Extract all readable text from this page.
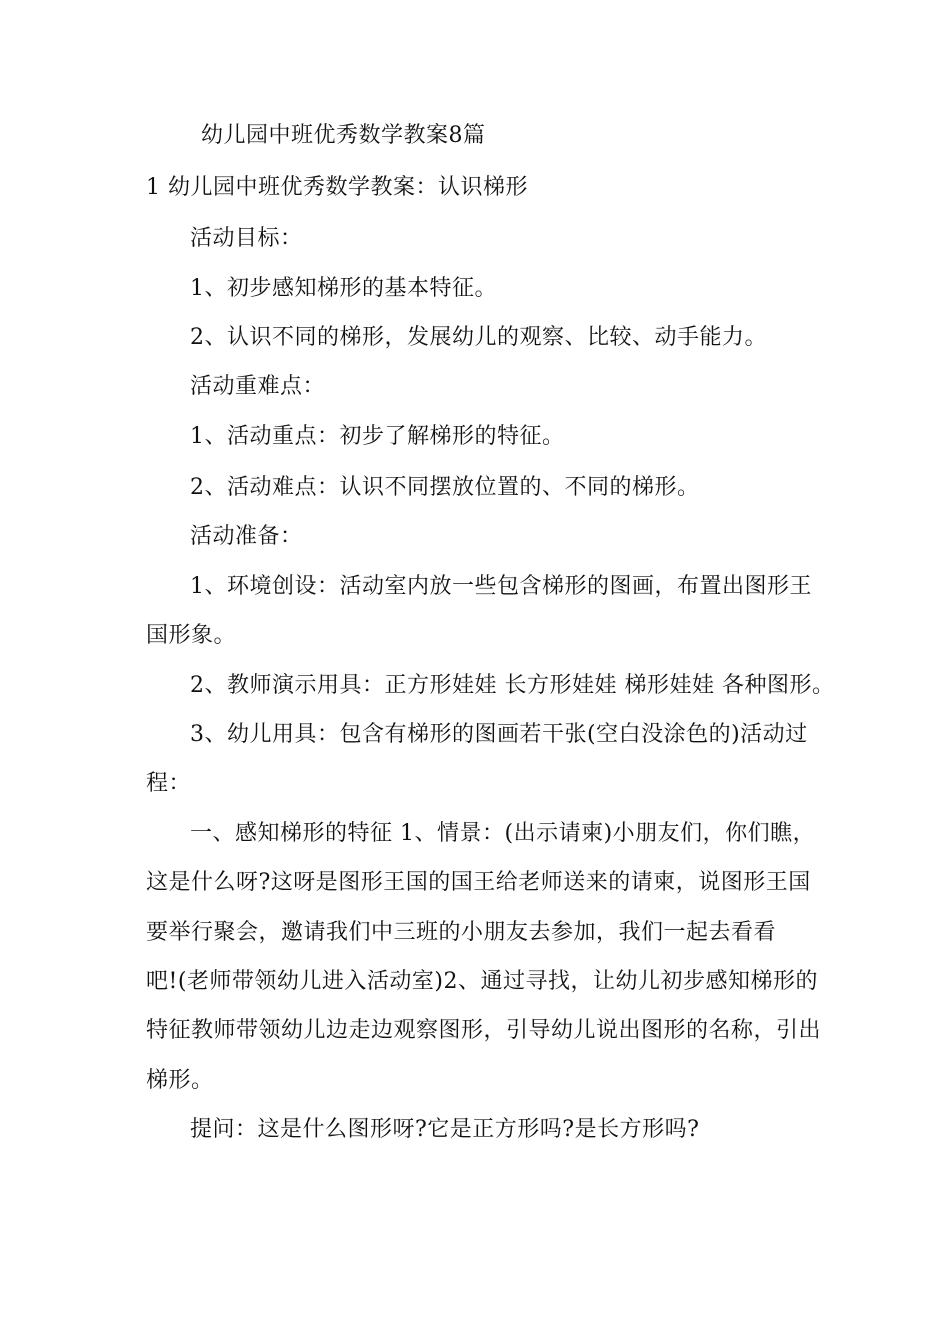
幼儿园中班优秀数学教案8篇
1 幼儿园中班优秀数学教案：认识梯形
活动目标：
1、初步感知梯形的基本特征。
2、认识不同的梯形，发展幼儿的观察、比较、动手能力。
活动重难点：
1、活动重点：初步了解梯形的特征。
2、活动难点：认识不同摆放位置的、不同的梯形。
活动准备：
1、环境创设：活动室内放一些包含梯形的图画，布置出图形王
国形象。
2、教师演示用具：正方形娃娃 长方形娃娃 梯形娃娃 各种图形。
3、幼儿用具：包含有梯形的图画若干张(空白没涂色的)活动过
程：
一、感知梯形的特征 1、情景：(出示请柬)小朋友们，你们瞧，
这是什么呀?这呀是图形王国的国王给老师送来的请柬，说图形王国
要举行聚会，邀请我们中三班的小朋友去参加，我们一起去看看
吧!(老师带领幼儿进入活动室)2、通过寻找，让幼儿初步感知梯形的
特征教师带领幼儿边走边观察图形，引导幼儿说出图形的名称，引出
梯形。
提问：这是什么图形呀?它是正方形吗?是长方形吗?
